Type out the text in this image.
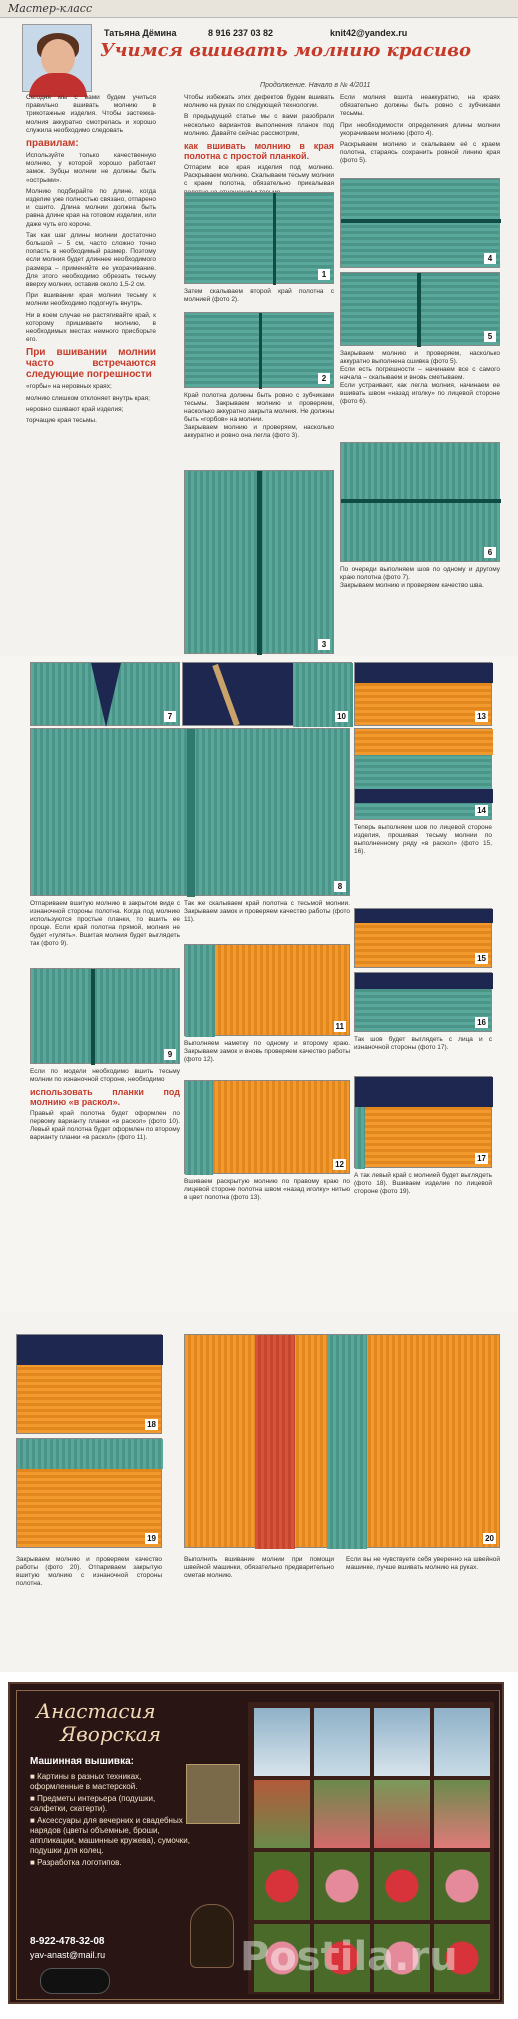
Мастер-класс
Татьяна Дёмина	8 916 237 03 82	knit42@yandex.ru
Учимся вшивать молнию красиво
Продолжение. Начало в № 4/2011

Сегодня мы с вами будем учиться правильно вшивать молнию в трикотажные изделия. Чтобы застежка-молния аккуратно смотрелась и хорошо служила необходимо следовать

правилам:

Используйте только качественную молнию, у которой хорошо работает замок. Зубцы молнии не должны быть «острыми».

Молнию подбирайте по длине, когда изделие уже полностью связано, отпарено и сшито. Длина молнии должна быть равна длине края на готовом изделии, или даже чуть его короче.

Так как шаг длины молнии достаточно большой – 5 см, часто сложно точно попасть в необходимый размер. Поэтому если молния будет длиннее необходимого размера – применяйте ее укорачивание. Для этого необходимо обрезать тесьму вверху молнии, оставив около 1,5-2 см.

При вшивании края молнии тесьму к молнии необходимо подогнуть внутрь.

Ни в коем случае не растягивайте край, к которому пришиваете молнию, в необходимых местах немного присборьте его.

При вшивании молнии часто встречаются следующие погрешности

«горбы» на неровных краях;

молнию слишком отклоняет внутрь края;

неровно сшивают край изделия;

торчащие края тесьмы.

Чтобы избежать этих дефектов будем вшивать молнию на руках по следующей технологии.

В предыдущей статье мы с вами разобрали несколько вариантов выполнения планок под молнию. Давайте сейчас рассмотрим,

как вшивать молнию в края полотна с простой планкой.

Отпарим все края изделия под молнию. Раскрываем молнию. Скалываем тесьму молнии с краем полотна, обязательно прикалывая

1
Затем скалываем второй край полотна с молнией (фото 2).
2

Край полотна должны быть ровно с зубчиками тесьмы. Закрываем молнию и проверяем, насколько аккуратно закрыта молния. Не должны быть «горбов» на молнии.

Закрываем молнию и проверяем, насколько аккуратно и ровно она легла (фото 3).

3

Если молния вшита неаккуратно, на краях обязательно должны быть ровно с зубчиками тесьмы.

При необходимости определения длины молнии укорачиваем молнию (фото 4).

Раскрываем молнию и скалываем её с краем полотна, стараясь сохранить ровной линию края (фото 5).

4
5

Закрываем молнию и проверяем, насколько аккуратно выполнена сшивка (фото 5).

Если есть погрешности – начинаем все с самого начала – скалываем и вновь сметываем.

Если устраивает, как легла молния, начинаем ее вшивать швом «назад иголку» по лицевой стороне (фото 6).

6

По очереди выполняем шов по одному и другому краю полотна (фото 7).

Закрываем молнию и проверяем качество шва.

7	10	13
8
14
Теперь выполняем шов по лицевой стороне изделия, прошивая тесьму молнии по выполненному ряду «в раскол» (фото 15, 16).
Отпариваем вшитую молнию в закрытом виде с изнаночной стороны полотна. Когда под молнию используются простые планки, то вшить ее проще. Если край полотна прямой, молния не будет «гулять». Вшитая молния будет выглядеть так (фото 9).
Так же скалываем край полотна с тесьмой молнии. Закрываем замок и проверяем качество работы (фото 11).
9
11
15
16
Так шов будет выглядеть с лица и с изнаночной стороны (фото 17).

Если по модели необходимо вшить тесьму молнии по изнаночной стороне, необходимо

использовать планки под молнию «в раскол».

Правый край полотна будет оформлен по первому варианту планки «в раскол» (фото 10). Левый край полотна будет оформлен по второму варианту планки «в раскол» (фото 11).

Выполняем наметку по одному и второму краю. Закрываем замок и вновь проверяем качество работы (фото 12).
12
Вшиваем раскрытую молнию по правому краю по лицевой стороне полотна швом «назад иголку» нитью в цвет полотна (фото 13).
17
А так левый край с молнией будет выглядеть (фото 18). Вшиваем изделие по лицевой стороне (фото 19).
18
19	20
Закрываем молнию и проверяем качество работы (фото 20). Отпариваем закрытую вшитую молнию с изнаночной стороны полотна.
Выполнить вшивание молнии при помощи швейной машинки, обязательно предварительно сметав молнию.
Если вы не чувствуете себя уверенно на швейной машинке, лучше вшивать молнию на руках.
Анастасия
Яворская
Машинная вышивка:
■ Картины в разных техниках, оформленные в мастерской.
■ Предметы интерьера (подушки, салфетки, скатерти).
■ Аксессуары для вечерних и свадебных нарядов (цветы объемные, броши, аппликации, машинные кружева), сумочки, подушки для колец.
■ Разработка логотипов.
8-922-478-32-08
yav-anast@mail.ru	Postila.ru
